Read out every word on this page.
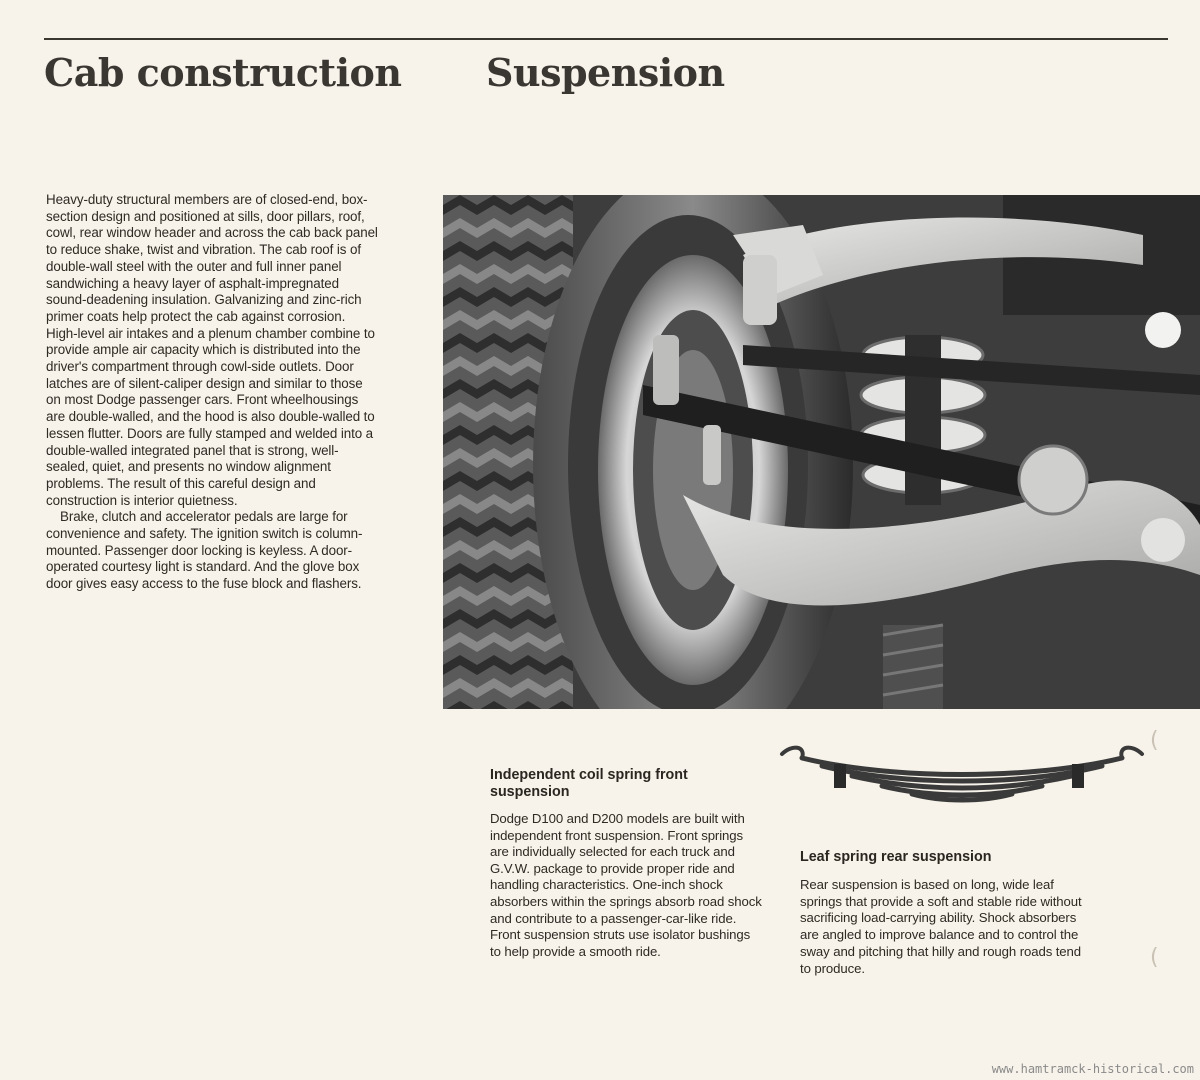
Cab construction Suspension

Heavy-duty structural members are of closed-end, box-section design and positioned at sills, door pillars, roof, cowl, rear window header and across the cab back panel to reduce shake, twist and vibration. The cab roof is of double-wall steel with the outer and full inner panel sandwiching a heavy layer of asphalt-impregnated sound-deadening insulation. Galvanizing and zinc-rich primer coats help protect the cab against corrosion. High-level air intakes and a plenum chamber combine to provide ample air capacity which is distributed into the driver's compartment through cowl-side outlets. Door latches are of silent-caliper design and similar to those on most Dodge passenger cars. Front wheelhousings are double-walled, and the hood is also double-walled to lessen flutter. Doors are fully stamped and welded into a double-walled integrated panel that is strong, well-sealed, quiet, and presents no window alignment problems. The result of this careful design and construction is interior quietness.

Brake, clutch and accelerator pedals are large for convenience and safety. The ignition switch is column-mounted. Passenger door locking is keyless. A door-operated courtesy light is standard. And the glove box door gives easy access to the fuse block and flashers.

Independent coil spring front suspension
Dodge D100 and D200 models are built with independent front suspension. Front springs are individually selected for each truck and G.V.W. package to provide proper ride and handling characteristics. One-inch shock absorbers within the springs absorb road shock and contribute to a passenger-car-like ride. Front suspension struts use isolator bushings to help provide a smooth ride.
Leaf spring rear suspension
Rear suspension is based on long, wide leaf springs that provide a soft and stable ride without sacrificing load-carrying ability. Shock absorbers are angled to improve balance and to control the sway and pitching that hilly and rough roads tend to produce.
(
(
www.hamtramck-historical.com
